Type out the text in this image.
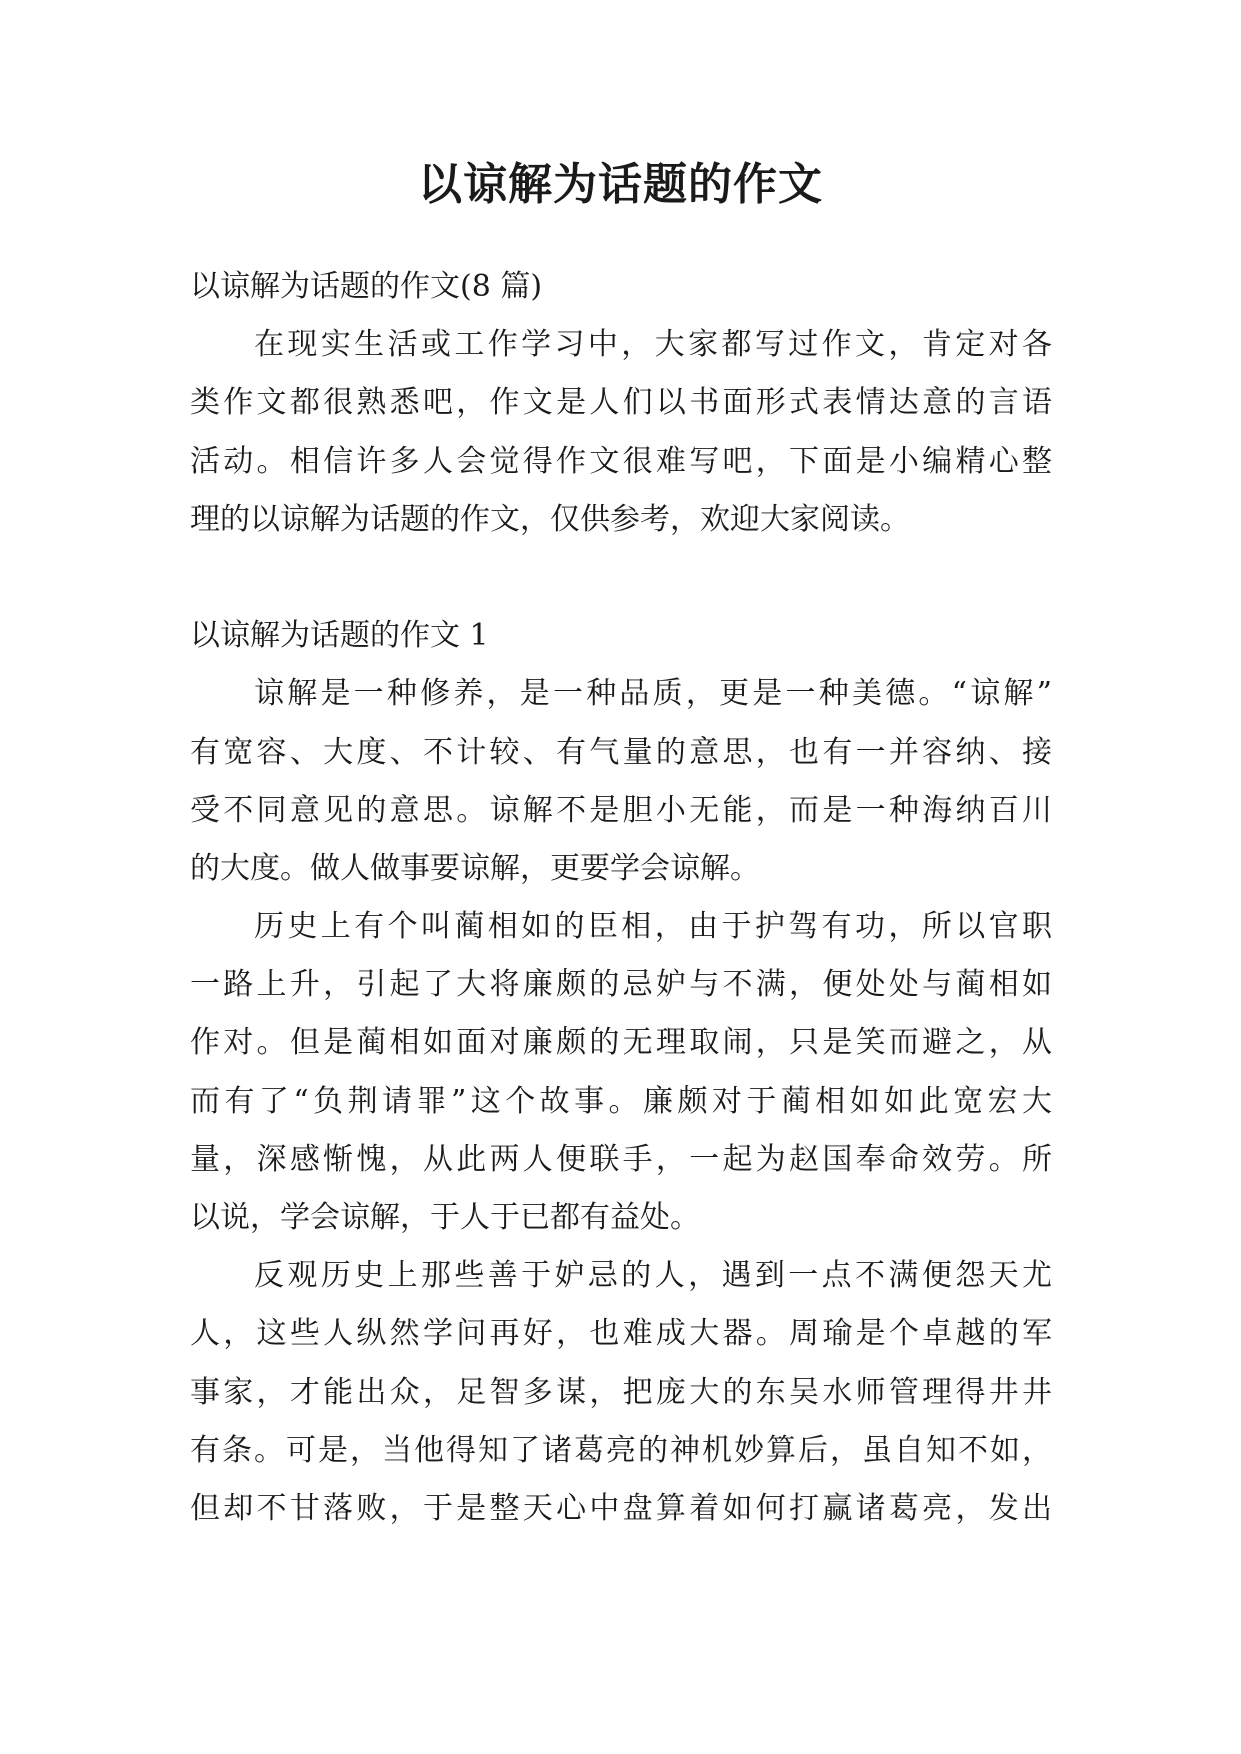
以谅解为话题的作文

以谅解为话题的作文(8 篇)

在现实生活或工作学习中，大家都写过作文，肯定对各

类作文都很熟悉吧，作文是人们以书面形式表情达意的言语

活动。相信许多人会觉得作文很难写吧，下面是小编精心整

理的以谅解为话题的作文，仅供参考，欢迎大家阅读。

以谅解为话题的作文 1

谅解是一种修养，是一种品质，更是一种美德。“谅解”

有宽容、大度、不计较、有气量的意思，也有一并容纳、接

受不同意见的意思。谅解不是胆小无能，而是一种海纳百川

的大度。做人做事要谅解，更要学会谅解。

历史上有个叫蔺相如的臣相，由于护驾有功，所以官职

一路上升，引起了大将廉颇的忌妒与不满，便处处与蔺相如

作对。但是蔺相如面对廉颇的无理取闹，只是笑而避之，从

而有了“负荆请罪”这个故事。廉颇对于蔺相如如此宽宏大

量，深感惭愧，从此两人便联手，一起为赵国奉命效劳。所

以说，学会谅解，于人于已都有益处。

反观历史上那些善于妒忌的人，遇到一点不满便怨天尤

人，这些人纵然学问再好，也难成大器。周瑜是个卓越的军

事家，才能出众，足智多谋，把庞大的东吴水师管理得井井

有条。可是，当他得知了诸葛亮的神机妙算后，虽自知不如，

但却不甘落败，于是整天心中盘算着如何打赢诸葛亮，发出
